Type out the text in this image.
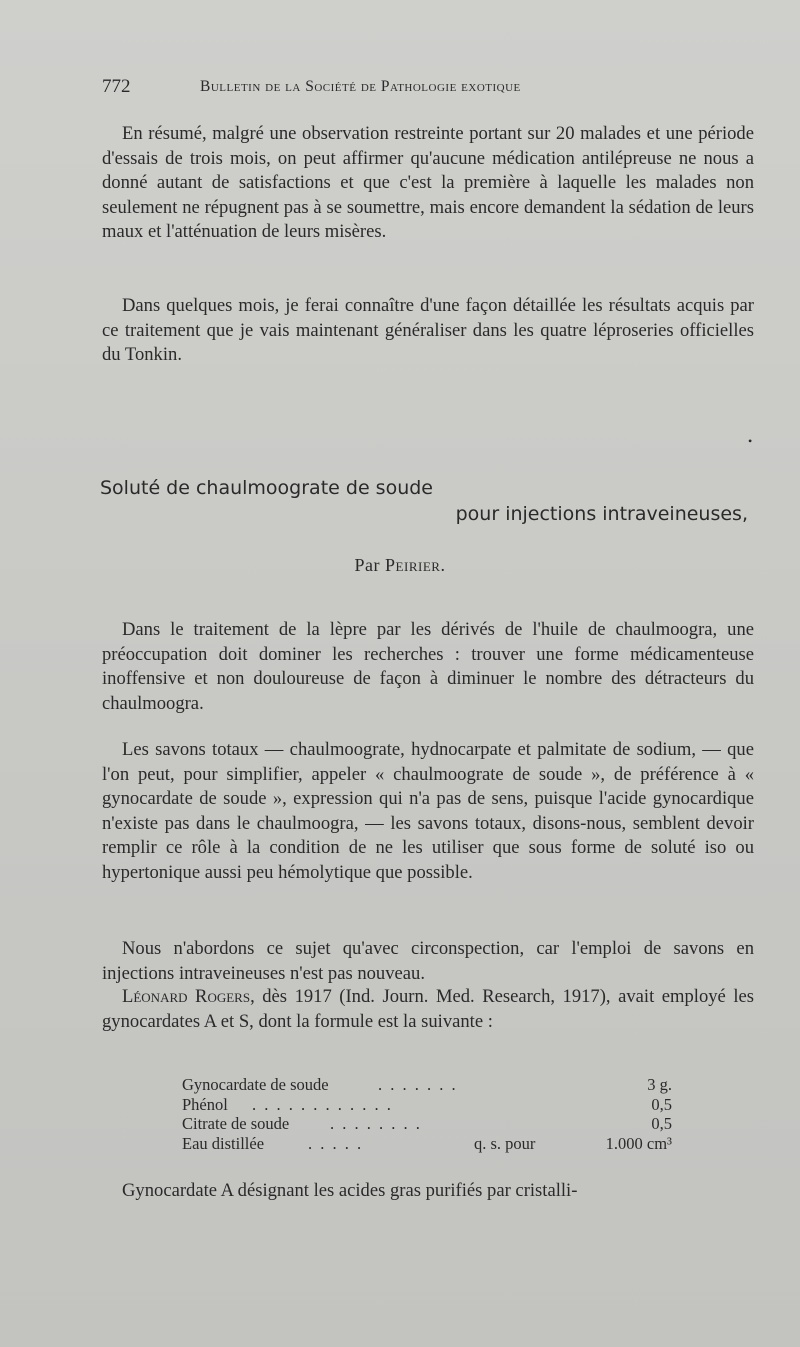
772	Bulletin de la Société de Pathologie exotique

En résumé, malgré une observation restreinte portant sur 20 malades et une période d'essais de trois mois, on peut affirmer qu'aucune médication antilépreuse ne nous a donné autant de satisfactions et que c'est la première à laquelle les malades non seulement ne répugnent pas à se soumettre, mais encore demandent la sédation de leurs maux et l'atténuation de leurs misères.

Dans quelques mois, je ferai connaître d'une façon détaillée les résultats acquis par ce traitement que je vais maintenant généraliser dans les quatre léproseries officielles du Tonkin.

•
Soluté de chaulmoograte de soude
pour injections intraveineuses,
Par Peirier.

Dans le traitement de la lèpre par les dérivés de l'huile de chaulmoogra, une préoccupation doit dominer les recherches : trouver une forme médicamenteuse inoffensive et non douloureuse de façon à diminuer le nombre des détracteurs du chaulmoogra.

Les savons totaux — chaulmoograte, hydnocarpate et palmitate de sodium, — que l'on peut, pour simplifier, appeler « chaulmoograte de soude », de préférence à « gynocardate de soude », expression qui n'a pas de sens, puisque l'acide gynocardique n'existe pas dans le chaulmoogra, — les savons totaux, disons-nous, semblent devoir remplir ce rôle à la condition de ne les utiliser que sous forme de soluté iso ou hypertonique aussi peu hémolytique que possible.

Nous n'abordons ce sujet qu'avec circonspection, car l'emploi de savons en injections intraveineuses n'est pas nouveau.

Léonard Rogers, dès 1917 (Ind. Journ. Med. Research, 1917), avait employé les gynocardates A et S, dont la formule est la suivante :

Gynocardate de soude	. . . . . . .	3 g.
Phénol . . . . . . . . . . . .	0,5
Citrate de soude . . . . . . . .	0,5
Eau distillée	. . . . .	q. s. pour	1.000 cm³

Gynocardate A désignant les acides gras purifiés par cristalli-
